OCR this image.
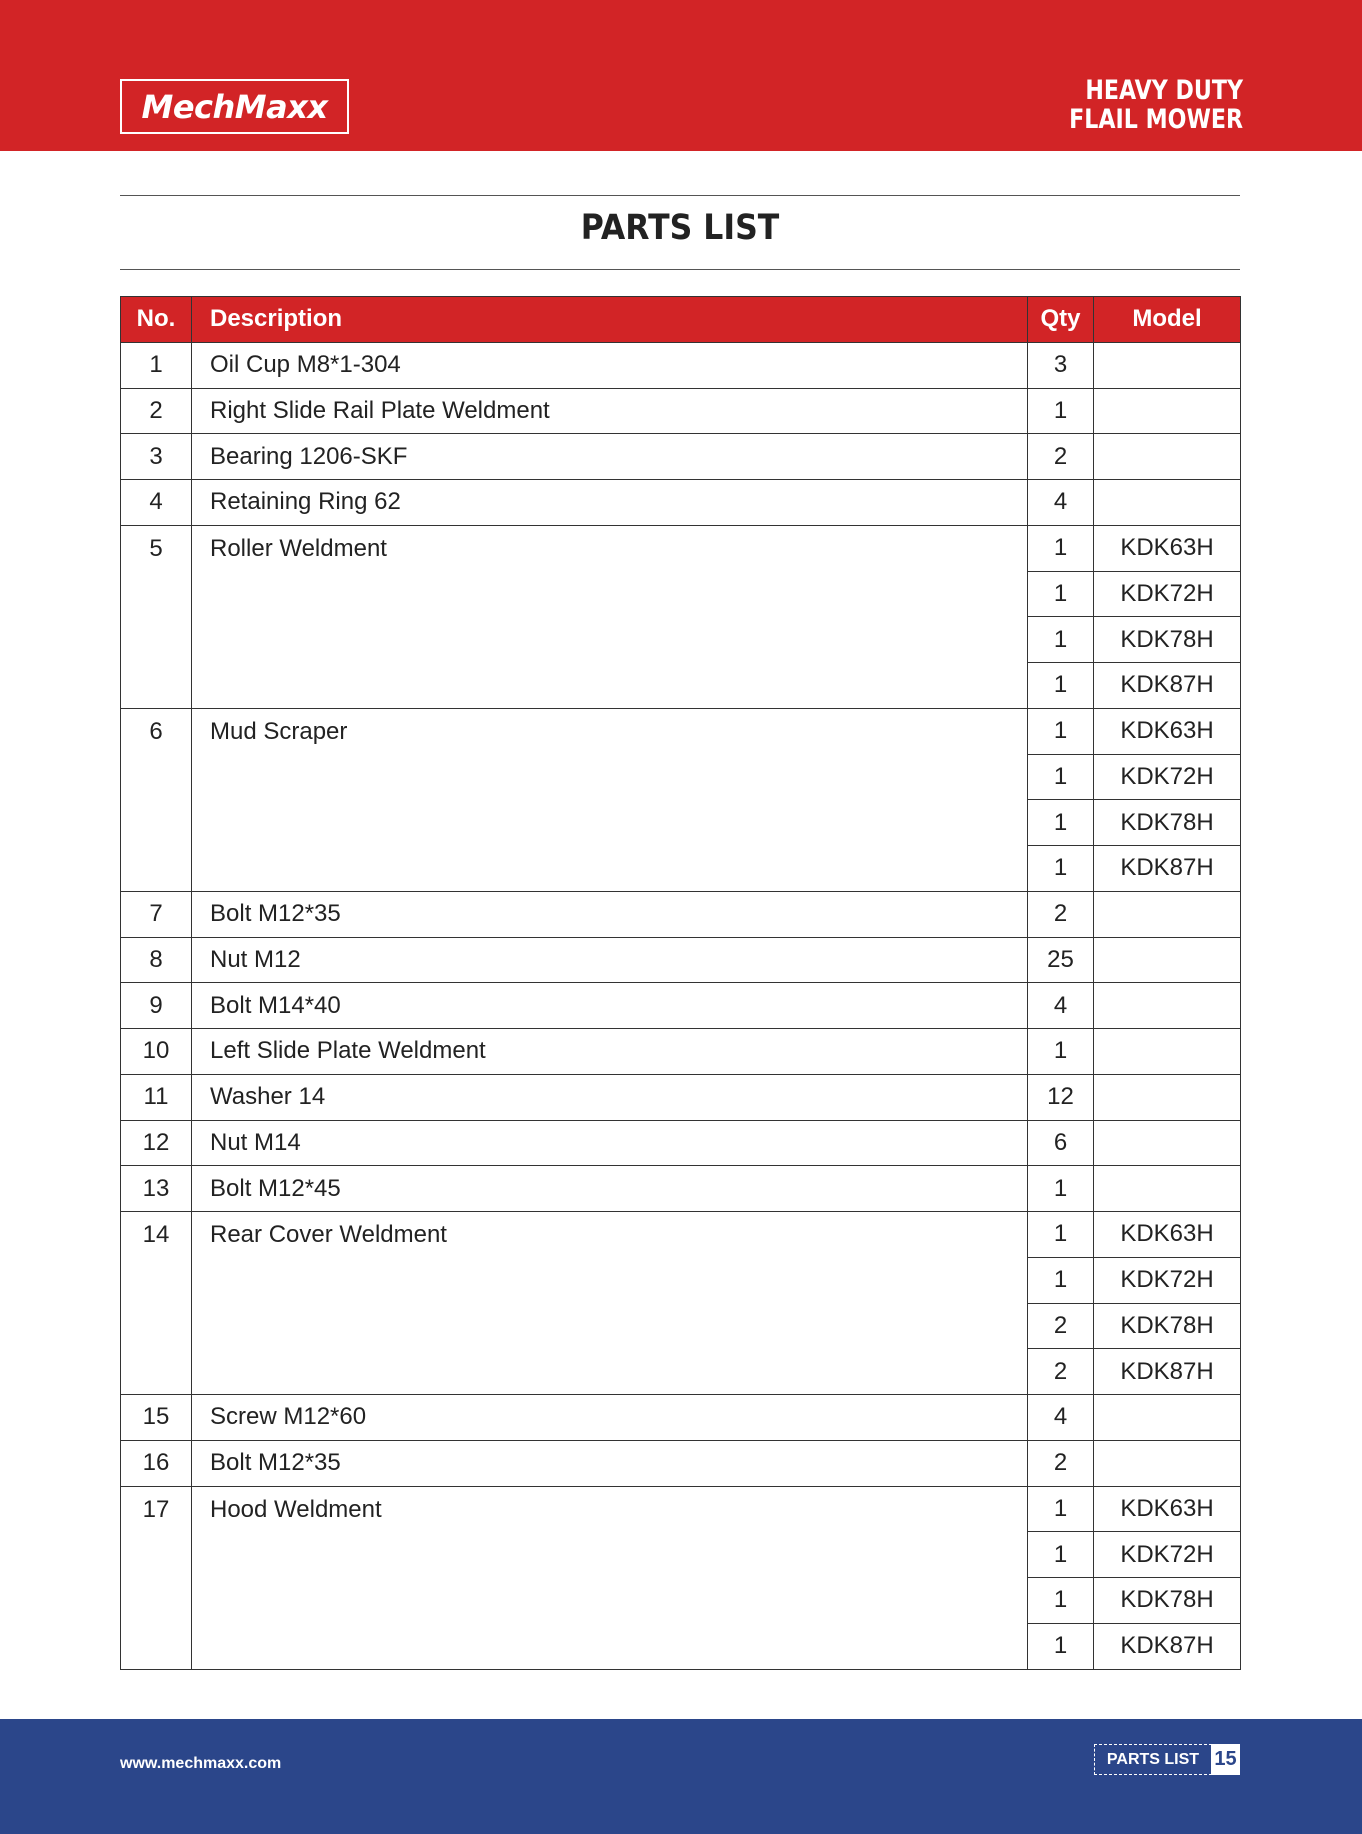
MechMaxx	HEAVY DUTY
FLAIL MOWER
PARTS LIST
No.	Description	Qty	Model
1	Oil Cup M8*1-304	3	
2	Right Slide Rail Plate Weldment	1	
3	Bearing 1206-SKF	2	
4	Retaining Ring 62	4	
5	Roller Weldment	1	KDK63H
		1	KDK72H
		1	KDK78H
		1	KDK87H
6	Mud Scraper	1	KDK63H
		1	KDK72H
		1	KDK78H
		1	KDK87H
7	Bolt M12*35	2	
8	Nut M12	25	
9	Bolt M14*40	4	
10	Left Slide Plate Weldment	1	
11	Washer 14	12	
12	Nut M14	6	
13	Bolt M12*45	1	
14	Rear Cover Weldment	1	KDK63H
		1	KDK72H
		2	KDK78H
		2	KDK87H
15	Screw M12*60	4	
16	Bolt M12*35	2	
17	Hood Weldment	1	KDK63H
		1	KDK72H
		1	KDK78H
		1	KDK87H
www.mechmaxx.com	PARTS LIST 15
